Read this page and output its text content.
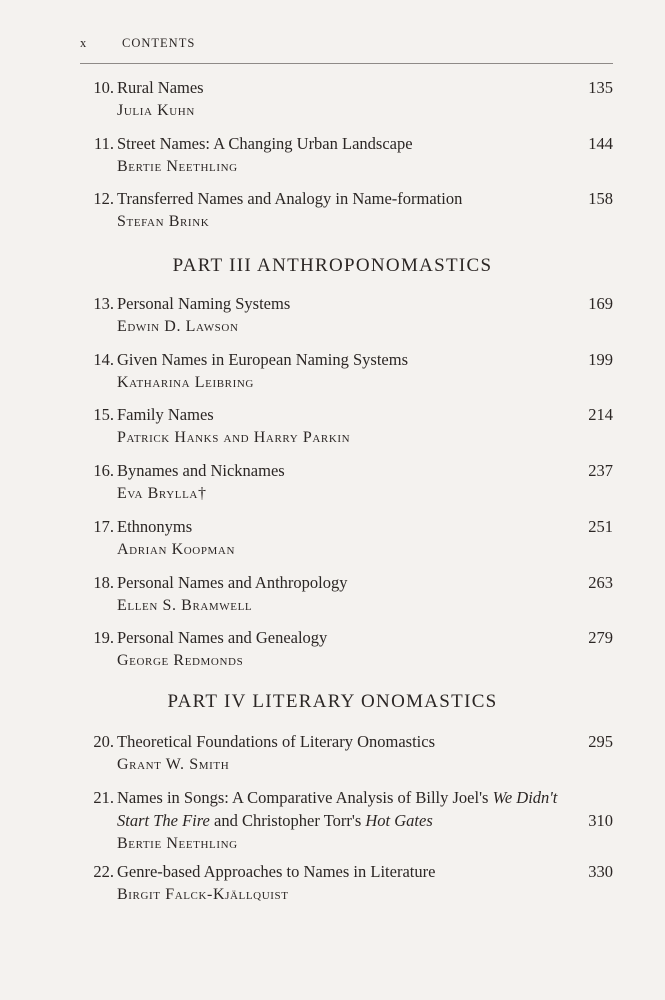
x	CONTENTS
10. Rural Names
Julia Kuhn
135
11. Street Names: A Changing Urban Landscape
Bertie Neethling
144
12. Transferred Names and Analogy in Name-formation
Stefan Brink
158
PART III ANTHROPONOMASTICS
13. Personal Naming Systems
Edwin D. Lawson
169
14. Given Names in European Naming Systems
Katharina Leibring
199
15. Family Names
Patrick Hanks and Harry Parkin
214
16. Bynames and Nicknames
Eva Brylla†
237
17. Ethnonyms
Adrian Koopman
251
18. Personal Names and Anthropology
Ellen S. Bramwell
263
19. Personal Names and Genealogy
George Redmonds
279
PART IV LITERARY ONOMASTICS
20. Theoretical Foundations of Literary Onomastics
Grant W. Smith
295
21. Names in Songs: A Comparative Analysis of Billy Joel's We Didn't
Start The Fire and Christopher Torr's Hot Gates
Bertie Neethling
310
22. Genre-based Approaches to Names in Literature
Birgit Falck-Kjällquist
330
